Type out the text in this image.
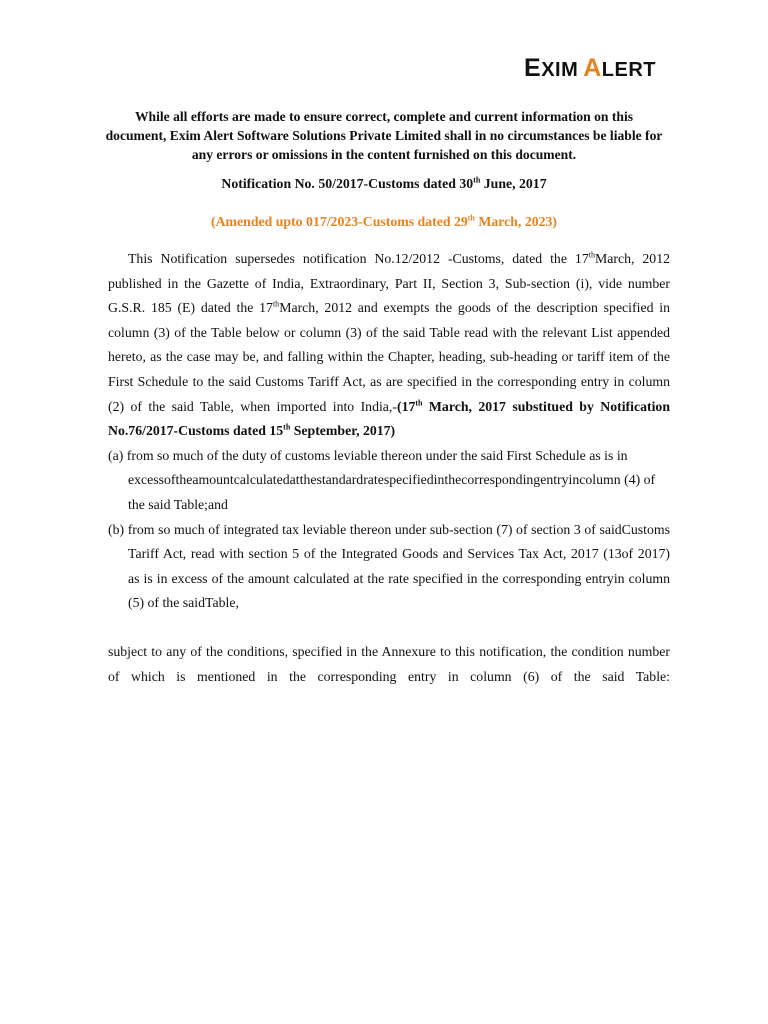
EXIM ALERT
While all efforts are made to ensure correct, complete and current information on this
document, Exim Alert Software Solutions Private Limited shall in no circumstances be liable for
any errors or omissions in the content furnished on this document.
Notification No. 50/2017-Customs dated 30th June, 2017
(Amended upto 017/2023-Customs dated 29th March, 2023)
This Notification supersedes notification No.12/2012 -Customs, dated the 17thMarch, 2012
published in the Gazette of India, Extraordinary, Part II, Section 3, Sub-section (i), vide number
G.S.R. 185 (E) dated the 17thMarch, 2012 and exempts the goods of the description specified in
column (3) of the Table below or column (3) of the said Table read with the relevant List appended
hereto, as the case may be, and falling within the Chapter, heading, sub-heading or tariff item of the
First Schedule to the said Customs Tariff Act, as are specified in the corresponding entry in column
(2) of the said Table, when imported into India,-(17th March, 2017 substitued by Notification
No.76/2017-Customs dated 15th September, 2017)
(a) from so much of the duty of customs leviable thereon under the said First Schedule as is in
excessoftheamountcalculatedatthestandardratespecifiedinthecorrespondingentryincolumn (4) of
the said Table;and
(b) from so much of integrated tax leviable thereon under sub-section (7) of section 3 of saidCustoms
Tariff Act, read with section 5 of the Integrated Goods and Services Tax Act, 2017 (13of 2017)
as is in excess of the amount calculated at the rate specified in the corresponding entryin column
(5) of the saidTable,
subject to any of the conditions, specified in the Annexure to this notification, the condition number
of which is mentioned in the corresponding entry in column (6) of the said Table:
